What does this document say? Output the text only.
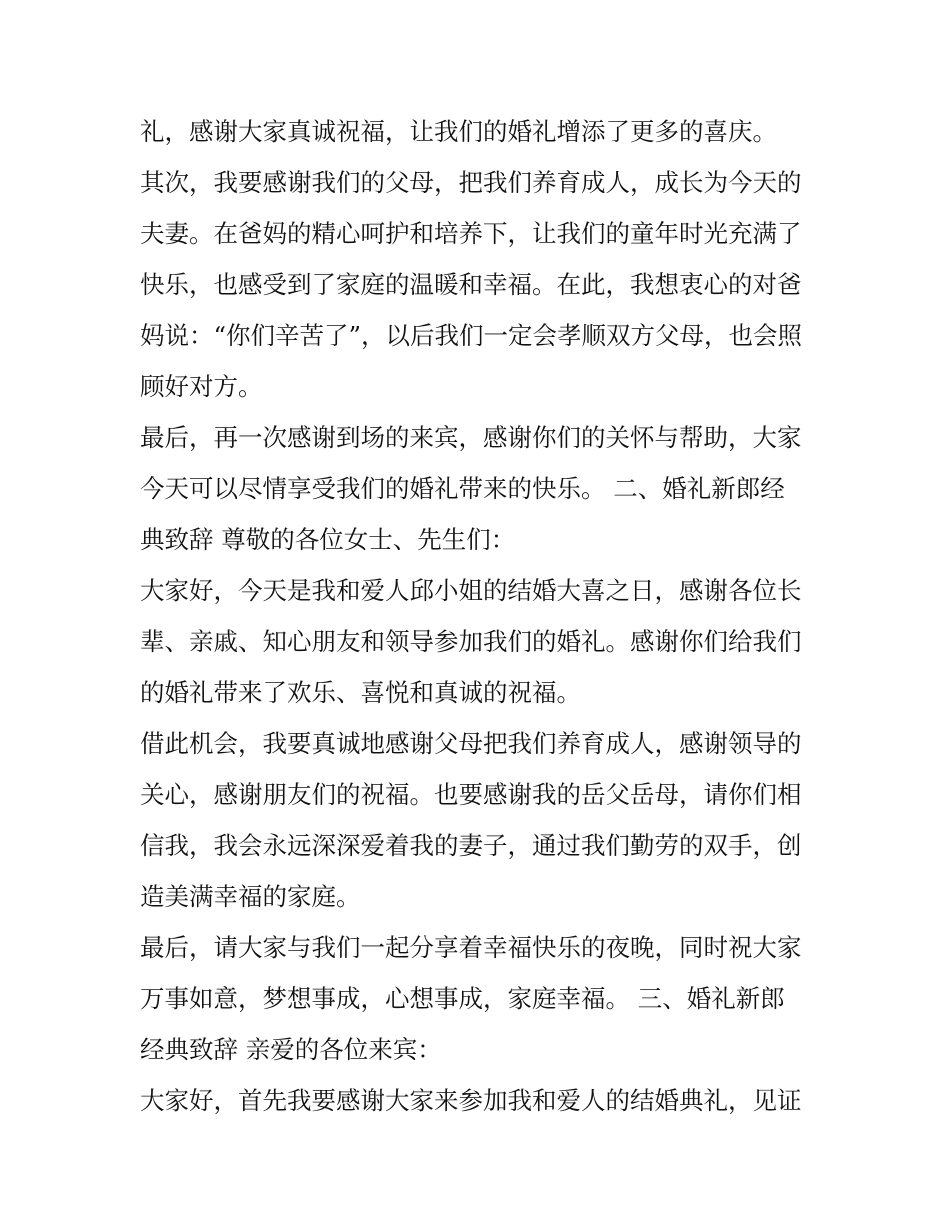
礼，感谢大家真诚祝福，让我们的婚礼增添了更多的喜庆。
其次，我要感谢我们的父母，把我们养育成人，成长为今天的
夫妻。在爸妈的精心呵护和培养下，让我们的童年时光充满了
快乐，也感受到了家庭的温暖和幸福。在此，我想衷心的对爸
妈说：“你们辛苦了”，以后我们一定会孝顺双方父母，也会照
顾好对方。
最后，再一次感谢到场的来宾，感谢你们的关怀与帮助，大家
今天可以尽情享受我们的婚礼带来的快乐。 二、婚礼新郎经
典致辞 尊敬的各位女士、先生们：
大家好，今天是我和爱人邱小姐的结婚大喜之日，感谢各位长
辈、亲戚、知心朋友和领导参加我们的婚礼。感谢你们给我们
的婚礼带来了欢乐、喜悦和真诚的祝福。
借此机会，我要真诚地感谢父母把我们养育成人，感谢领导的
关心，感谢朋友们的祝福。也要感谢我的岳父岳母，请你们相
信我，我会永远深深爱着我的妻子，通过我们勤劳的双手，创
造美满幸福的家庭。
最后，请大家与我们一起分享着幸福快乐的夜晚，同时祝大家
万事如意，梦想事成，心想事成，家庭幸福。 三、婚礼新郎
经典致辞 亲爱的各位来宾：
大家好，首先我要感谢大家来参加我和爱人的结婚典礼，见证
